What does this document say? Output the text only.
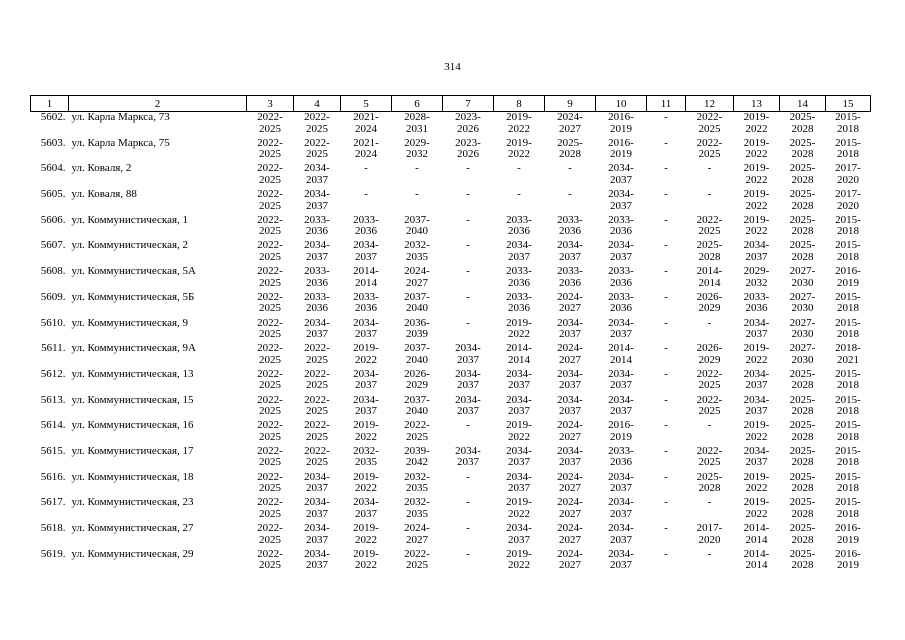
314
1	2	3	4	5	6	7	8	9	10	11	12	13	14	15
5602.	ул. Карла Маркса, 73	2022-
2025	2022-
2025	2021-
2024	2028-
2031	2023-
2026	2019-
2022	2024-
2027	2016-
2019	-	2022-
2025	2019-
2022	2025-
2028	2015-
2018

5603.	ул. Карла Маркса, 75	2022-
2025	2022-
2025	2021-
2024	2029-
2032	2023-
2026	2019-
2022	2025-
2028	2016-
2019	-	2022-
2025	2019-
2022	2025-
2028	2015-
2018

5604.	ул. Коваля, 2	2022-
2025	2034-
2037	-	-	-	-	-	2034-
2037	-	-	2019-
2022	2025-
2028	2017-
2020

5605.	ул. Коваля, 88	2022-
2025	2034-
2037	-	-	-	-	-	2034-
2037	-	-	2019-
2022	2025-
2028	2017-
2020

5606.	ул. Коммунистическая, 1	2022-
2025	2033-
2036	2033-
2036	2037-
2040	-	2033-
2036	2033-
2036	2033-
2036	-	2022-
2025	2019-
2022	2025-
2028	2015-
2018

5607.	ул. Коммунистическая, 2	2022-
2025	2034-
2037	2034-
2037	2032-
2035	-	2034-
2037	2034-
2037	2034-
2037	-	2025-
2028	2034-
2037	2025-
2028	2015-
2018

5608.	ул. Коммунистическая, 5А	2022-
2025	2033-
2036	2014-
2014	2024-
2027	-	2033-
2036	2033-
2036	2033-
2036	-	2014-
2014	2029-
2032	2027-
2030	2016-
2019

5609.	ул. Коммунистическая, 5Б	2022-
2025	2033-
2036	2033-
2036	2037-
2040	-	2033-
2036	2024-
2027	2033-
2036	-	2026-
2029	2033-
2036	2027-
2030	2015-
2018

5610.	ул. Коммунистическая, 9	2022-
2025	2034-
2037	2034-
2037	2036-
2039	-	2019-
2022	2034-
2037	2034-
2037	-	-	2034-
2037	2027-
2030	2015-
2018

5611.	ул. Коммунистическая, 9А	2022-
2025	2022-
2025	2019-
2022	2037-
2040	2034-
2037	2014-
2014	2024-
2027	2014-
2014	-	2026-
2029	2019-
2022	2027-
2030	2018-
2021

5612.	ул. Коммунистическая, 13	2022-
2025	2022-
2025	2034-
2037	2026-
2029	2034-
2037	2034-
2037	2034-
2037	2034-
2037	-	2022-
2025	2034-
2037	2025-
2028	2015-
2018

5613.	ул. Коммунистическая, 15	2022-
2025	2022-
2025	2034-
2037	2037-
2040	2034-
2037	2034-
2037	2034-
2037	2034-
2037	-	2022-
2025	2034-
2037	2025-
2028	2015-
2018

5614.	ул. Коммунистическая, 16	2022-
2025	2022-
2025	2019-
2022	2022-
2025	-	2019-
2022	2024-
2027	2016-
2019	-	-	2019-
2022	2025-
2028	2015-
2018

5615.	ул. Коммунистическая, 17	2022-
2025	2022-
2025	2032-
2035	2039-
2042	2034-
2037	2034-
2037	2034-
2037	2033-
2036	-	2022-
2025	2034-
2037	2025-
2028	2015-
2018

5616.	ул. Коммунистическая, 18	2022-
2025	2034-
2037	2019-
2022	2032-
2035	-	2034-
2037	2024-
2027	2034-
2037	-	2025-
2028	2019-
2022	2025-
2028	2015-
2018

5617.	ул. Коммунистическая, 23	2022-
2025	2034-
2037	2034-
2037	2032-
2035	-	2019-
2022	2024-
2027	2034-
2037	-	-	2019-
2022	2025-
2028	2015-
2018

5618.	ул. Коммунистическая, 27	2022-
2025	2034-
2037	2019-
2022	2024-
2027	-	2034-
2037	2024-
2027	2034-
2037	-	2017-
2020	2014-
2014	2025-
2028	2016-
2019

5619.	ул. Коммунистическая, 29	2022-
2025	2034-
2037	2019-
2022	2022-
2025	-	2019-
2022	2024-
2027	2034-
2037	-	-	2014-
2014	2025-
2028	2016-
2019
